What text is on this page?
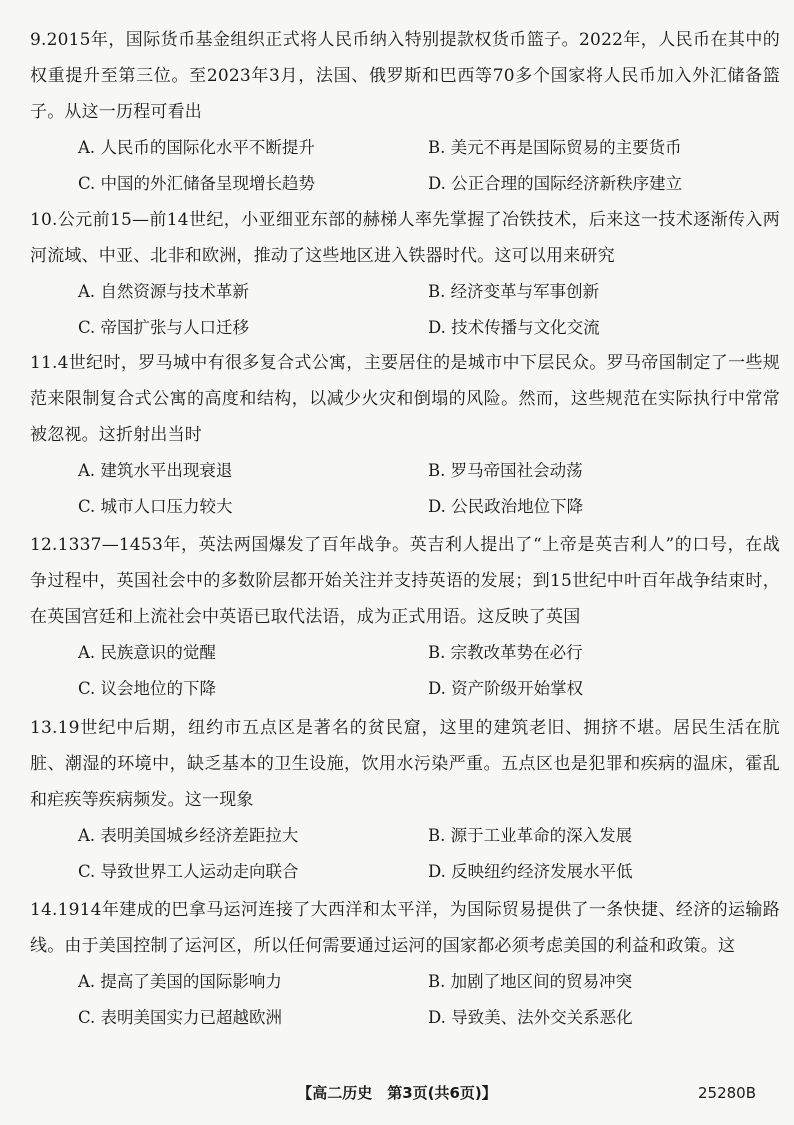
9.2015年，国际货币基金组织正式将人民币纳入特别提款权货币篮子。2022年，人民币在其中的权重提升至第三位。至2023年3月，法国、俄罗斯和巴西等70多个国家将人民币加入外汇储备篮子。从这一历程可看出

A. 人民币的国际化水平不断提升	B. 美元不再是国际贸易的主要货币
C. 中国的外汇储备呈现增长趋势	D. 公正合理的国际经济新秩序建立

10.公元前15—前14世纪，小亚细亚东部的赫梯人率先掌握了冶铁技术，后来这一技术逐渐传入两河流域、中亚、北非和欧洲，推动了这些地区进入铁器时代。这可以用来研究

A. 自然资源与技术革新	B. 经济变革与军事创新
C. 帝国扩张与人口迁移	D. 技术传播与文化交流

11.4世纪时，罗马城中有很多复合式公寓，主要居住的是城市中下层民众。罗马帝国制定了一些规范来限制复合式公寓的高度和结构，以减少火灾和倒塌的风险。然而，这些规范在实际执行中常常被忽视。这折射出当时

A. 建筑水平出现衰退	B. 罗马帝国社会动荡
C. 城市人口压力较大	D. 公民政治地位下降

12.1337—1453年，英法两国爆发了百年战争。英吉利人提出了“上帝是英吉利人”的口号，在战争过程中，英国社会中的多数阶层都开始关注并支持英语的发展；到15世纪中叶百年战争结束时，在英国宫廷和上流社会中英语已取代法语，成为正式用语。这反映了英国

A. 民族意识的觉醒	B. 宗教改革势在必行
C. 议会地位的下降	D. 资产阶级开始掌权

13.19世纪中后期，纽约市五点区是著名的贫民窟，这里的建筑老旧、拥挤不堪。居民生活在肮脏、潮湿的环境中，缺乏基本的卫生设施，饮用水污染严重。五点区也是犯罪和疾病的温床，霍乱和疟疾等疾病频发。这一现象

A. 表明美国城乡经济差距拉大	B. 源于工业革命的深入发展
C. 导致世界工人运动走向联合	D. 反映纽约经济发展水平低

14.1914年建成的巴拿马运河连接了大西洋和太平洋，为国际贸易提供了一条快捷、经济的运输路线。由于美国控制了运河区，所以任何需要通过运河的国家都必须考虑美国的利益和政策。这

A. 提高了美国的国际影响力	B. 加剧了地区间的贸易冲突
C. 表明美国实力已超越欧洲	D. 导致美、法外交关系恶化
【高二历史　第3页(共6页)】	25280B
